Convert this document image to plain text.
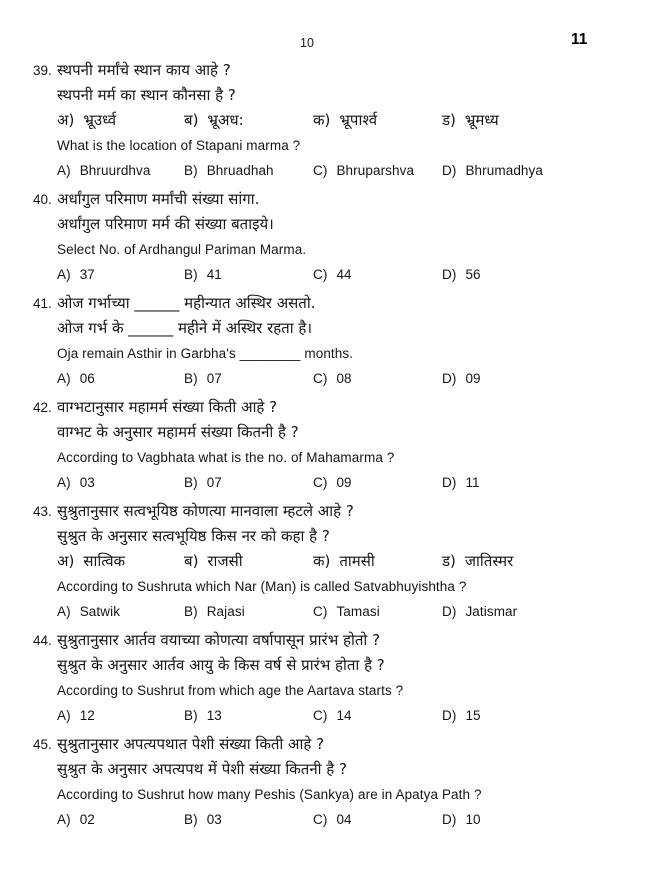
10	11
39. स्थपनी मर्मांचे स्थान काय आहे ?
स्थपनी मर्म का स्थान कौनसा है ?
अ) भ्रूउर्ध्व	ब) भ्रूअध:	क) भ्रूपार्श्व	ड) भ्रूमध्य
What is the location of Stapani marma ?
A) Bhruurdhva	B) Bhruadhah	C) Bhruparshva	D) Bhrumadhya
40. अर्धांगुल परिमाण मर्मांची संख्या सांगा.
अर्धांगुल परिमाण मर्म की संख्या बताइये।
Select No. of Ardhangul Pariman Marma.
A) 37	B) 41	C) 44	D) 56
41. ओज गर्भाच्या ______ महीन्यात अस्थिर असतो.
ओज गर्भ के ______ महीने में अस्थिर रहता है।
Oja remain Asthir in Garbha's ________ months.
A) 06	B) 07	C) 08	D) 09
42. वाग्भटानुसार महामर्म संख्या किती आहे ?
वाग्भट के अनुसार महामर्म संख्या कितनी है ?
According to Vagbhata what is the no. of Mahamarma ?
A) 03	B) 07	C) 09	D) 11
43. सुश्रुतानुसार सत्वभूयिष्ठ कोणत्या मानवाला म्हटले आहे ?
सुश्रुत के अनुसार सत्वभूयिष्ठ किस नर को कहा है ?
अ) सात्विक	ब) राजसी	क) तामसी	ड) जातिस्मर
According to Sushruta which Nar (Man) is called Satvabhuyishtha ?
A) Satwik	B) Rajasi	C) Tamasi	D) Jatismar
44. सुश्रुतानुसार आर्तव वयाच्या कोणत्या वर्षापासून प्रारंभ होतो ?
सुश्रुत के अनुसार आर्तव आयु के किस वर्ष से प्रारंभ होता है ?
According to Sushrut from which age the Aartava starts ?
A) 12	B) 13	C) 14	D) 15
45. सुश्रुतानुसार अपत्यपथात पेशी संख्या किती आहे ?
सुश्रुत के अनुसार अपत्यपथ में पेशी संख्या कितनी है ?
According to Sushrut how many Peshis (Sankya) are in Apatya Path ?
A) 02	B) 03	C) 04	D) 10
